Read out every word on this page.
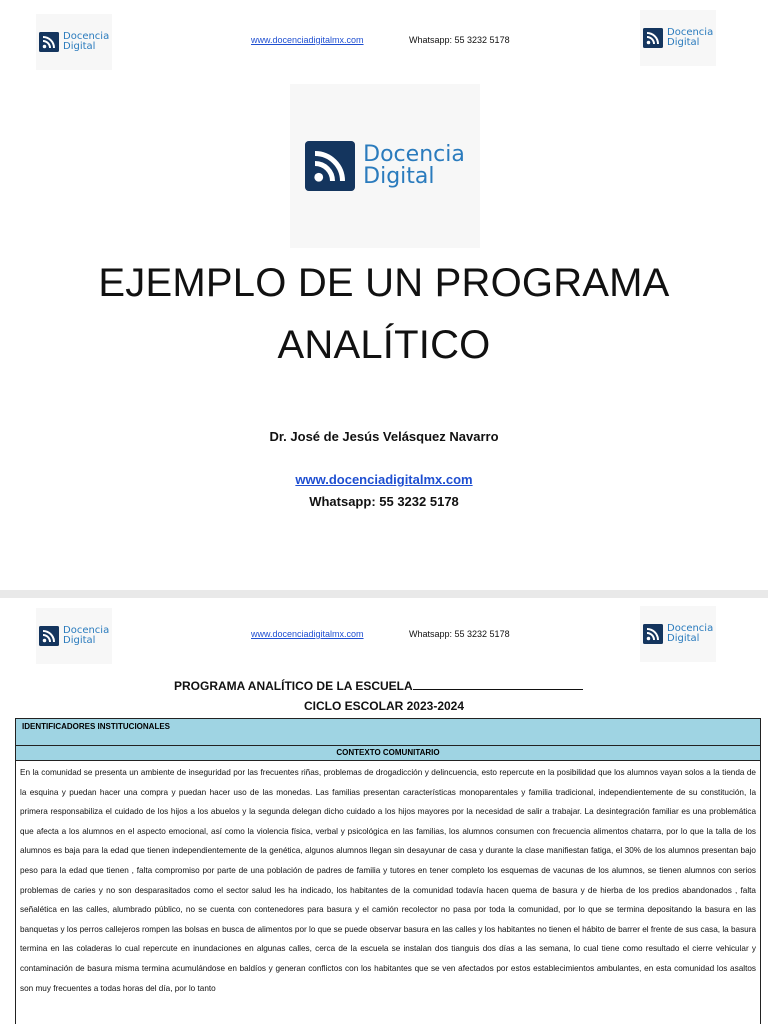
Docencia
Digital
www.docenciadigitalmx.com	Whatsapp: 55 3232 5178
Docencia
Digital
Docencia
Digital
EJEMPLO DE UN PROGRAMA
ANALÍTICO
Dr. José de Jesús Velásquez Navarro
www.docenciadigitalmx.com
Whatsapp: 55 3232 5178
Docencia
Digital
www.docenciadigitalmx.com	Whatsapp: 55 3232 5178
Docencia
Digital
PROGRAMA ANALÍTICO DE LA ESCUELA
CICLO ESCOLAR 2023-2024
IDENTIFICADORES INSTITUCIONALES
CONTEXTO COMUNITARIO
En la comunidad se presenta un ambiente de inseguridad por las frecuentes riñas, problemas de drogadicción y delincuencia, esto repercute en la posibilidad que los alumnos vayan solos a la tienda de la esquina y puedan hacer una compra y puedan hacer uso de las monedas. Las familias presentan características monoparentales y familia tradicional, independientemente de su constitución, la primera responsabiliza el cuidado de los hijos a los abuelos y la segunda delegan dicho cuidado a los hijos mayores por la necesidad de salir a trabajar. La desintegración familiar es una problemática que afecta a los alumnos en el aspecto emocional, así como la violencia física, verbal y psicológica en las familias, los alumnos consumen con frecuencia alimentos chatarra, por lo que la talla de los alumnos es baja para la edad que tienen independientemente de la genética, algunos alumnos llegan sin desayunar de casa y durante la clase manifiestan fatiga, el 30% de los alumnos presentan bajo peso para la edad que tienen , falta compromiso por parte de una población de padres de familia y tutores en tener completo los esquemas de vacunas de los alumnos, se tienen alumnos con serios problemas de caries y no son desparasitados como el sector salud les ha indicado, los habitantes de la comunidad todavía hacen quema de basura y de hierba de los predios abandonados , falta señalética en las calles, alumbrado público, no se cuenta con contenedores para basura y el camión recolector no pasa por toda la comunidad, por lo que se termina depositando la basura en las banquetas y los perros callejeros rompen las bolsas en busca de alimentos por lo que se puede observar basura en las calles y los habitantes no tienen el hábito de barrer el frente de sus casa, la basura termina en las coladeras lo cual repercute en inundaciones en algunas calles, cerca de la escuela se instalan dos tianguis dos días a las semana, lo cual tiene como resultado el cierre vehicular y contaminación de basura misma termina acumulándose en baldíos y generan conflictos con los habitantes que se ven afectados por estos establecimientos ambulantes, en esta comunidad los asaltos son muy frecuentes a todas horas del día, por lo tanto
